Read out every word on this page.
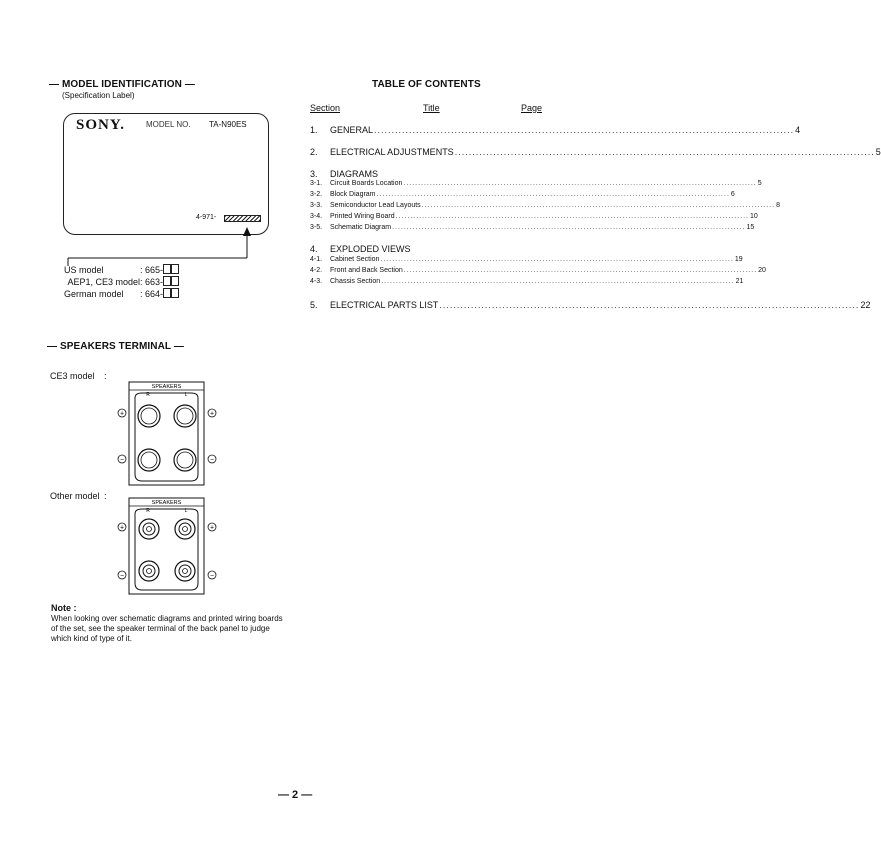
— MODEL IDENTIFICATION —
(Specification Label)
SONY.	MODEL NO. TA-N90ES
4-971-
US model	: 665-
AEP1, CE3 model: 663-
German model : 664-
TABLE OF CONTENTS
Section	Title	Page
1.	GENERAL ........................................................................................................................ 4
2.	ELECTRICAL ADJUSTMENTS ........................................................................................................................ 5
3.	DIAGRAMS
3-1.	Circuit Boards Location ........................................................................................................................ 5
3-2.	Block Diagram ........................................................................................................................ 6
3-3.	Semiconductor Lead Layouts ........................................................................................................................ 8
3-4.	Printed Wiring Board ........................................................................................................................ 10
3-5.	Schematic Diagram ........................................................................................................................ 15
4.	EXPLODED VIEWS
4-1.	Cabinet Section ........................................................................................................................ 19
4-2.	Front and Back Section ........................................................................................................................ 20
4-3.	Chassis Section ........................................................................................................................ 21
5.	ELECTRICAL PARTS LIST ........................................................................................................................ 22
— SPEAKERS TERMINAL —
CE3 model :
SPEAKERS
R	L
+	+
−	−
Other model :
SPEAKERS
R	L
+	+
−	−
Note :
When looking over schematic diagrams and printed wiring boards of the set, see the speaker terminal of the back panel to judge which kind of type of it.
— 2 —
